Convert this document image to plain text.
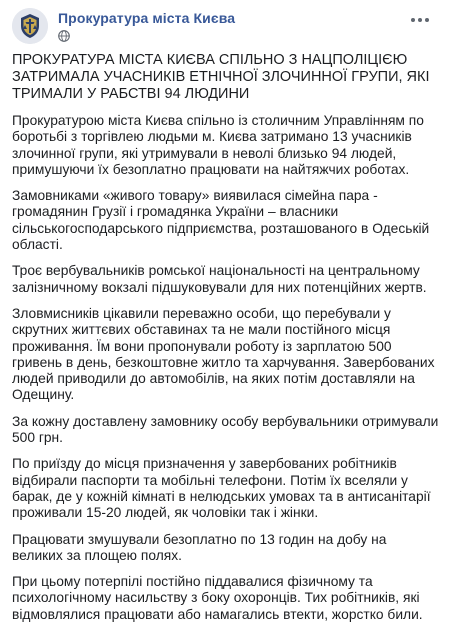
Прокуратура міста Києва

ПРОКУРАТУРА МІСТА КИЄВА СПІЛЬНО З НАЦПОЛІЦІЄЮ ЗАТРИМАЛА УЧАСНИКІВ ЕТНІЧНОЇ ЗЛОЧИННОЇ ГРУПИ, ЯКІ ТРИМАЛИ У РАБСТВІ 94 ЛЮДИНИ

Прокуратурою міста Києва спільно із столичним Управлінням по боротьбі з торгівлею людьми м. Києва затримано 13 учасників злочинної групи, які утримували в неволі близько 94 людей, примушуючи їх безоплатно працювати на найтяжчих роботах.

Замовниками «живого товару» виявилася сімейна пара - громадянин Грузії і громадянка України – власники сільськогосподарського підприємства, розташованого в Одеській області.

Троє вербувальників ромської національності на центральному залізничному вокзалі підшуковували для них потенційних жертв.

Зловмисників цікавили переважно особи, що перебували у скрутних життєвих обставинах та не мали постійного місця проживання. Їм вони пропонували роботу із зарплатою 500 гривень в день, безкоштовне житло та харчування. Завербованих людей приводили до автомобілів, на яких потім доставляли на Одещину.

За кожну доставлену замовнику особу вербувальники отримували 500 грн.

По приїзду до місця призначення у завербованих робітників відбирали паспорти та мобільні телефони. Потім їх вселяли у барак, де у кожній кімнаті в нелюдських умовах та в антисанітарії проживали 15-20 людей, як чоловіки так і жінки.

Працювати змушували безоплатно по 13 годин на добу на великих за площею полях.

При цьому потерпілі постійно піддавалися фізичному та психологічному насильству з боку охоронців. Тих робітників, які відмовлялися працювати або намагались втекти, жорстко били.
